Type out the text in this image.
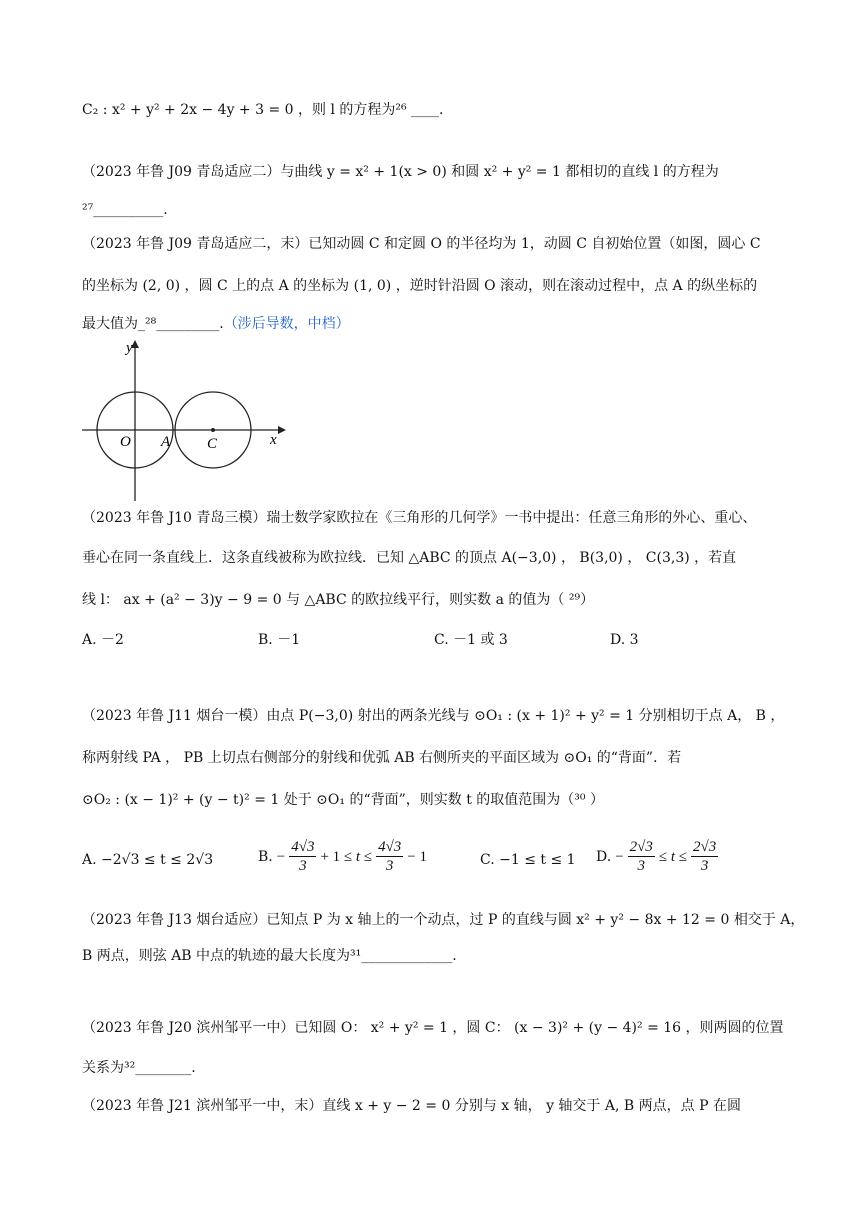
C₂ : x² + y² + 2x − 4y + 3 = 0 ，则 l 的方程为²⁶ ____.
（2023 年鲁 J09 青岛适应二）与曲线 y = x² + 1(x > 0) 和圆 x² + y² = 1 都相切的直线 l 的方程为
²⁷__________.
（2023 年鲁 J09 青岛适应二，末）已知动圆 C 和定圆 O 的半径均为 1，动圆 C 自初始位置（如图，圆心 C
的坐标为 (2, 0) ，圆 C 上的点 A 的坐标为 (1, 0) ，逆时针沿圆 O 滚动，则在滚动过程中，点 A 的纵坐标的
最大值为_²⁸_________.（涉后导数，中档）
y
x
O A C
（2023 年鲁 J10 青岛三模）瑞士数学家欧拉在《三角形的几何学》一书中提出：任意三角形的外心、重心、
垂心在同一条直线上．这条直线被称为欧拉线．已知 △ABC 的顶点 A(−3,0) ， B(3,0) ， C(3,3) ，若直
线 l： ax + (a² − 3)y − 9 = 0 与 △ABC 的欧拉线平行，则实数 a 的值为（ ²⁹）
A. －2	B. －1	C. －1 或 3	D. 3
（2023 年鲁 J11 烟台一模）由点 P(−3,0) 射出的两条光线与 ⊙O₁ : (x + 1)² + y² = 1 分别相切于点 A， B ，
称两射线 PA ， PB 上切点右侧部分的射线和优弧 AB 右侧所夹的平面区域为 ⊙O₁ 的“背面”．若
⊙O₂ : (x − 1)² + (y − t)² = 1 处于 ⊙O₁ 的“背面”，则实数 t 的取值范围为（³⁰ ）
A. −2√3 ≤ t ≤ 2√3	B. − $\frac{4√3}{3} + 1 \le t \le \frac{4√3}{3} - 1$	C. −1 ≤ t ≤ 1 D. − $\frac{2√3}{3} \le t \le \frac{2√3}{3}$
（2023 年鲁 J13 烟台适应）已知点 P 为 x 轴上的一个动点，过 P 的直线与圆 x² + y² − 8x + 12 = 0 相交于 A，
B 两点，则弦 AB 中点的轨迹的最大长度为³¹_____________.
（2023 年鲁 J20 滨州邹平一中）已知圆 O： x² + y² = 1 ，圆 C： (x − 3)² + (y − 4)² = 16 ，则两圆的位置
关系为³²________.
（2023 年鲁 J21 滨州邹平一中，末）直线 x + y − 2 = 0 分别与 x 轴， y 轴交于 A, B 两点，点 P 在圆
